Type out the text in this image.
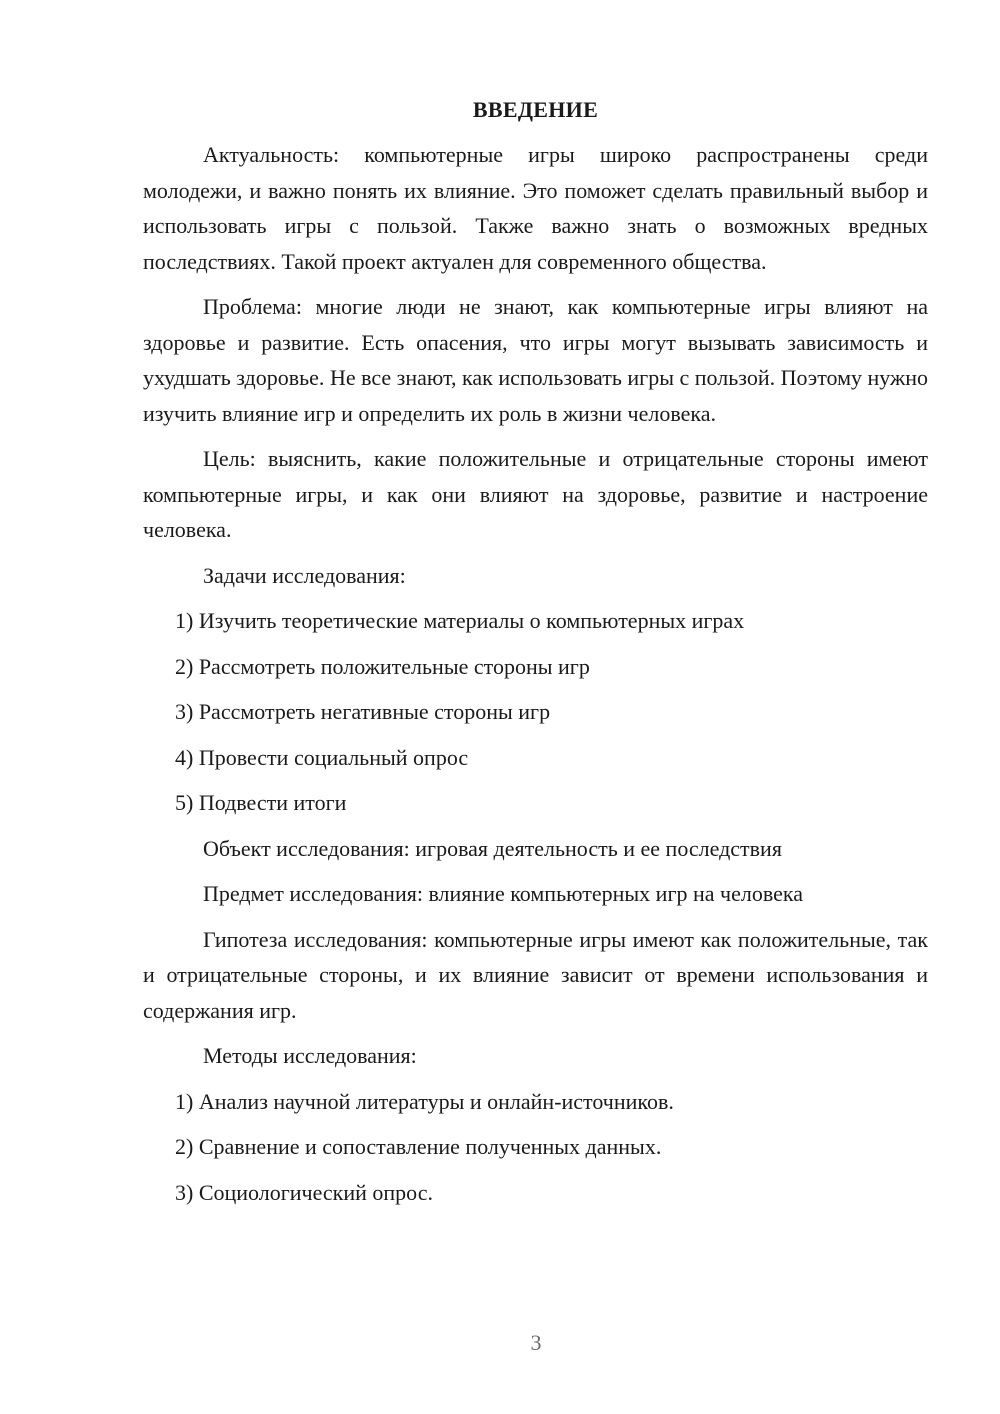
ВВЕДЕНИЕ

Актуальность: компьютерные игры широко распространены среди молодежи, и важно понять их влияние. Это поможет сделать правильный выбор и использовать игры с пользой. Также важно знать о возможных вредных последствиях. Такой проект актуален для современного общества.

Проблема: многие люди не знают, как компьютерные игры влияют на здоровье и развитие. Есть опасения, что игры могут вызывать зависимость и ухудшать здоровье. Не все знают, как использовать игры с пользой. Поэтому нужно изучить влияние игр и определить их роль в жизни человека.

Цель: выяснить, какие положительные и отрицательные стороны имеют компьютерные игры, и как они влияют на здоровье, развитие и настроение человека.

Задачи исследования:

1) Изучить теоретические материалы о компьютерных играх
2) Рассмотреть положительные стороны игр
3) Рассмотреть негативные стороны игр
4) Провести социальный опрос
5) Подвести итоги

Объект исследования: игровая деятельность и ее последствия

Предмет исследования: влияние компьютерных игр на человека

Гипотеза исследования: компьютерные игры имеют как положительные, так и отрицательные стороны, и их влияние зависит от времени использования и содержания игр.

Методы исследования:

1) Анализ научной литературы и онлайн-источников.
2) Сравнение и сопоставление полученных данных.
3) Социологический опрос.
3
